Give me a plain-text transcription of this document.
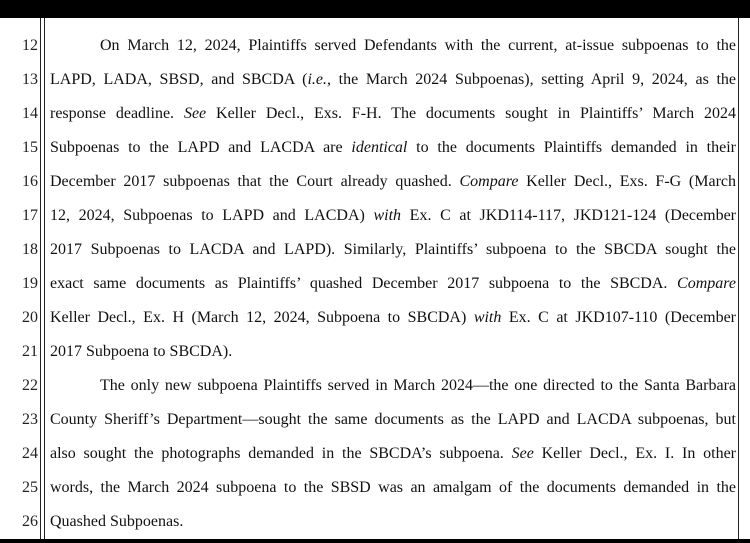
12
13
14
15
16
17
18
19
20
21
22
23
24
25
26
On March 12, 2024, Plaintiffs served Defendants with the current, at-issue subpoenas to the
LAPD, LADA, SBSD, and SBCDA (i.e., the March 2024 Subpoenas), setting April 9, 2024, as the
response deadline. See Keller Decl., Exs. F-H. The documents sought in Plaintiffs’ March 2024
Subpoenas to the LAPD and LACDA are identical to the documents Plaintiffs demanded in their
December 2017 subpoenas that the Court already quashed. Compare Keller Decl., Exs. F-G (March
12, 2024, Subpoenas to LAPD and LACDA) with Ex. C at JKD114-117, JKD121-124 (December
2017 Subpoenas to LACDA and LAPD). Similarly, Plaintiffs’ subpoena to the SBCDA sought the
exact same documents as Plaintiffs’ quashed December 2017 subpoena to the SBCDA. Compare
Keller Decl., Ex. H (March 12, 2024, Subpoena to SBCDA) with Ex. C at JKD107-110 (December
2017 Subpoena to SBCDA).
The only new subpoena Plaintiffs served in March 2024—the one directed to the Santa Barbara
County Sheriff’s Department—sought the same documents as the LAPD and LACDA subpoenas, but
also sought the photographs demanded in the SBCDA’s subpoena. See Keller Decl., Ex. I. In other
words, the March 2024 subpoena to the SBSD was an amalgam of the documents demanded in the
Quashed Subpoenas.
